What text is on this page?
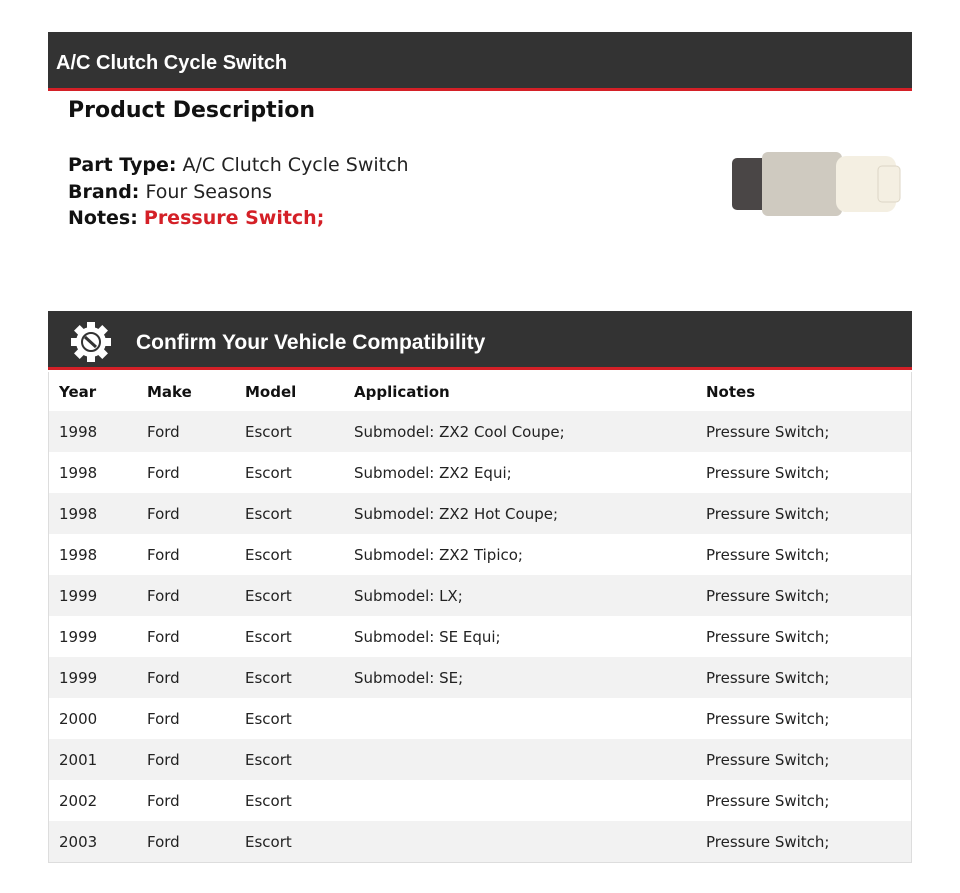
A/C Clutch Cycle Switch
Product Description
Part Type: A/C Clutch Cycle Switch
Brand: Four Seasons
Notes: Pressure Switch;
Confirm Your Vehicle Compatibility
Year	Make	Model	Application	Notes
1998	Ford	Escort	Submodel: ZX2 Cool Coupe;	Pressure Switch;
1998	Ford	Escort	Submodel: ZX2 Equi;	Pressure Switch;
1998	Ford	Escort	Submodel: ZX2 Hot Coupe;	Pressure Switch;
1998	Ford	Escort	Submodel: ZX2 Tipico;	Pressure Switch;
1999	Ford	Escort	Submodel: LX;	Pressure Switch;
1999	Ford	Escort	Submodel: SE Equi;	Pressure Switch;
1999	Ford	Escort	Submodel: SE;	Pressure Switch;
2000	Ford	Escort		Pressure Switch;
2001	Ford	Escort		Pressure Switch;
2002	Ford	Escort		Pressure Switch;
2003	Ford	Escort		Pressure Switch;
